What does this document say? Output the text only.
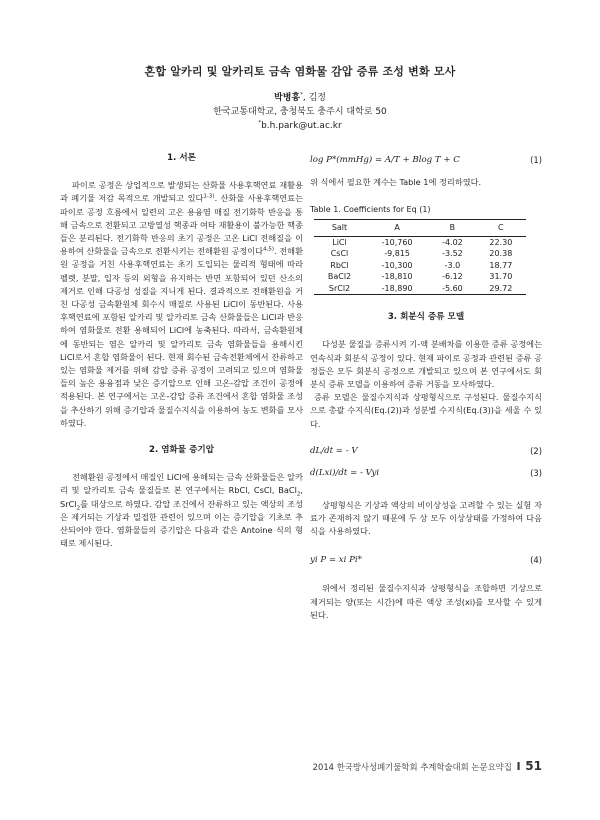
혼합 알카리 및 알카리토 금속 염화물 감압 증류 조성 변화 모사
박병흥*, 김정
한국교통대학교, 충청북도 충주시 대학로 50
*b.h.park@ut.ac.kr

1. 서론

파이로 공정은 상업적으로 발생되는 산화물 사용후핵연료 재활용과 폐기물 저감 목적으로 개발되고 있다$^{1-3)}$. 산화물 사용후핵연료는 파이로 공정 흐름에서 일련의 고온 용융염 매질 전기화학 반응을 통해 금속으로 전환되고 고방열성 핵종과 여타 재활용이 불가능한 핵종들은 분리된다. 전기화학 반응의 초기 공정은 고온 LiCl 전해질을 이용하여 산화물을 금속으로 전환시키는 전해환원 공정이다$^{4,5)}$. 전해환원 공정을 거친 사용후핵연료는 초기 도입되는 물리적 형태에 따라 펠렛, 분말, 입자 등의 외형을 유지하는 반면 포함되어 있던 산소의 제거로 인해 다공성 성질을 지니게 된다. 결과적으로 전해환원을 거친 다공성 금속환원체 회수시 매질로 사용된 LiCl이 동반된다. 사용후핵연료에 포함된 알카리 및 알카리토 금속 산화물들은 LiCl과 반응하여 염화물로 전환 용해되어 LiCl에 농축된다. 따라서, 금속환원체에 동반되는 염은 알카리 및 알카리토 금속 염화물들을 용해시킨 LiCl로서 혼합 염화물이 된다. 현재 회수된 금속전환체에서 잔류하고 있는 염화물 제거를 위해 감압 증류 공정이 고려되고 있으며 염화물들의 높은 용융점과 낮은 증기압으로 인해 고온-감압 조건이 공정에 적용된다. 본 연구에서는 고온-감압 증류 조건에서 혼합 염화물 조성을 추산하기 위해 증기압과 물질수지식을 이용하여 농도 변화를 모사하였다.

2. 염화물 증기압

전해환원 공정에서 매질인 LiCl에 용해되는 금속 산화물들은 알카리 및 알카리토 금속 물질들로 본 연구에서는 RbCl, CsCl, BaCl$_2$, SrCl$_2$를 대상으로 하였다. 감압 조건에서 잔류하고 있는 액상의 조성은 제거되는 기상과 밀접한 관련이 있으며 이는 증기압을 기초로 추산되어야 한다. 염화물들의 증기압은 다음과 같은 Antoine 식의 형태로 제시된다.

log P*(mmHg) = A/T + Blog T + C	(1)

위 식에서 필요한 계수는 Table 1에 정리하였다.

Table 1. Coefficients for Eq (1)

Salt	A	B	C
LiCl	-10,760	-4.02	22.30
CsCl	-9,815	-3.52	20.38
RbCl	-10,300	-3.0	18.77
BaCl2	-18,810	-6.12	31.70
SrCl2	-18,890	-5.60	29.72

3. 회분식 증류 모델

다성분 물질을 증류시켜 기-액 분배차를 이용한 증류 공정에는 연속식과 회분식 공정이 있다. 현재 파이로 공정과 관련된 증류 공정들은 모두 회분식 공정으로 개발되고 있으며 본 연구에서도 회분식 증류 모델을 이용하여 증류 거동을 모사하였다.

증류 모델은 물질수지식과 상평형식으로 구성된다. 물질수지식으로 총괄 수지식(Eq.(2))과 성분별 수지식(Eq.(3))을 세울 수 있다.

dL/dt = - V	(2)
d(Lxi)/dt = - Vyi	(3)

상평형식은 기상과 액상의 비이상성을 고려할 수 있는 실험 자료가 존재하지 않기 때문에 두 상 모두 이상상태를 가정하여 다음 식을 사용하였다.

yi P = xi Pi*	(4)

위에서 정리된 물질수지식과 상평형식을 조합하면 기상으로 제거되는 양(또는 시간)에 따른 액상 조성(xi)를 모사할 수 있게 된다.

2014 한국방사성폐기물학회 추계학술대회 논문요약집 I 51
